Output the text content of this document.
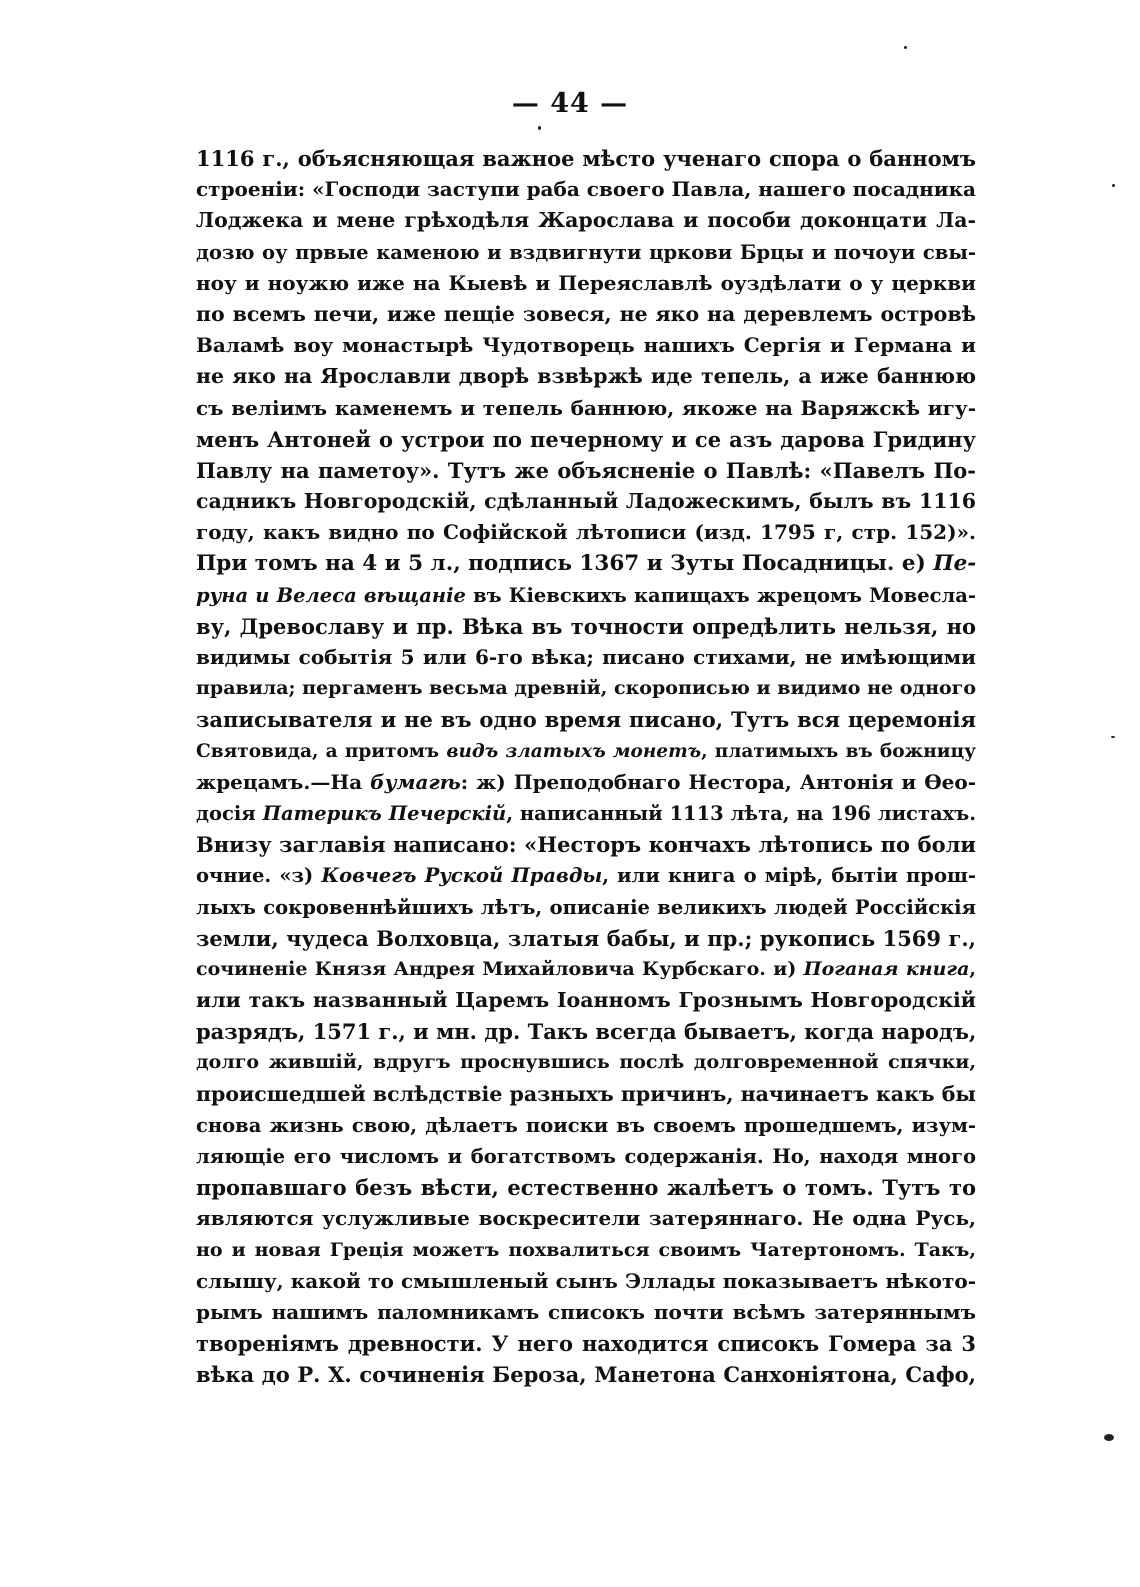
— 44 —
1116 г., объясняющая важное мѣсто ученаго спора о банномъ
строеніи: «Господи заступи раба своего Павла, нашего посадника
Лоджека и мене грѣходѣля Жарослава и пособи доконцати Ла-
дозю оу првые каменою и вздвигнути цркови Брцы и почоуи свы-
ноу и ноужю иже на Кыевѣ и Переяславлѣ оуздѣлати о у церкви
по всемъ печи, иже пещіе зовеся, не яко на деревлемъ островѣ
Валамѣ воу монастырѣ Чудотворець нашихъ Сергія и Германа и
не яко на Ярославли дворѣ взвѣржѣ иде тепель, а иже баннюю
съ веліимъ каменемъ и тепель баннюю, якоже на Варяжскѣ игу-
менъ Антоней о устрои по печерному и се азъ дарова Гридину
Павлу на паметоу». Тутъ же объясненіе о Павлѣ: «Павелъ По-
садникъ Новгородскій, сдѣланный Ладожескимъ, былъ въ 1116
году, какъ видно по Софійской лѣтописи (изд. 1795 г, стр. 152)».
При томъ на 4 и 5 л., подпись 1367 и Зуты Посадницы. е) Пе-
руна и Велеса вѣщаніе въ Кіевскихъ капищахъ жрецомъ Мовесла-
ву, Древославу и пр. Вѣка въ точности опредѣлить нельзя, но
видимы событія 5 или 6-го вѣка; писано стихами, не имѣющими
правила; пергаменъ весьма древній, скорописью и видимо не одного
записывателя и не въ одно время писано, Тутъ вся церемонія
Святовида, а притомъ видъ златыхъ монетъ, платимыхъ въ божницу
жрецамъ.—На бумагѣ: ж) Преподобнаго Нестора, Антонія и Ѳео-
досія Патерикъ Печерскій, написанный 1113 лѣта, на 196 листахъ.
Внизу заглавія написано: «Несторъ кончахъ лѣтопись по боли
очние. «з) Ковчегъ Руской Правды, или книга о мірѣ, бытіи прош-
лыхъ сокровеннѣйшихъ лѣтъ, описаніе великихъ людей Россійскія
земли, чудеса Волховца, златыя бабы, и пр.; рукопись 1569 г.,
сочиненіе Князя Андрея Михайловича Курбскаго. и) Поганая книга,
или такъ названный Царемъ Іоанномъ Грознымъ Новгородскій
разрядъ, 1571 г., и мн. др. Такъ всегда бываетъ, когда народъ,
долго жившій, вдругъ проснувшись послѣ долговременной спячки,
происшедшей вслѣдствіе разныхъ причинъ, начинаетъ какъ бы
снова жизнь свою, дѣлаетъ поиски въ своемъ прошедшемъ, изум-
ляющіе его числомъ и богатствомъ содержанія. Но, находя много
пропавшаго безъ вѣсти, естественно жалѣетъ о томъ. Тутъ то
являются услужливые воскресители затеряннаго. Не одна Русь,
но и новая Греція можетъ похвалиться своимъ Чатертономъ. Такъ,
слышу, какой то смышленый сынъ Эллады показываетъ нѣкото-
рымъ нашимъ паломникамъ списокъ почти всѣмъ затеряннымъ
твореніямъ древности. У него находится списокъ Гомера за 3
вѣка до Р. Х. сочиненія Бероза, Манетона Санхоніятона, Сафо,
